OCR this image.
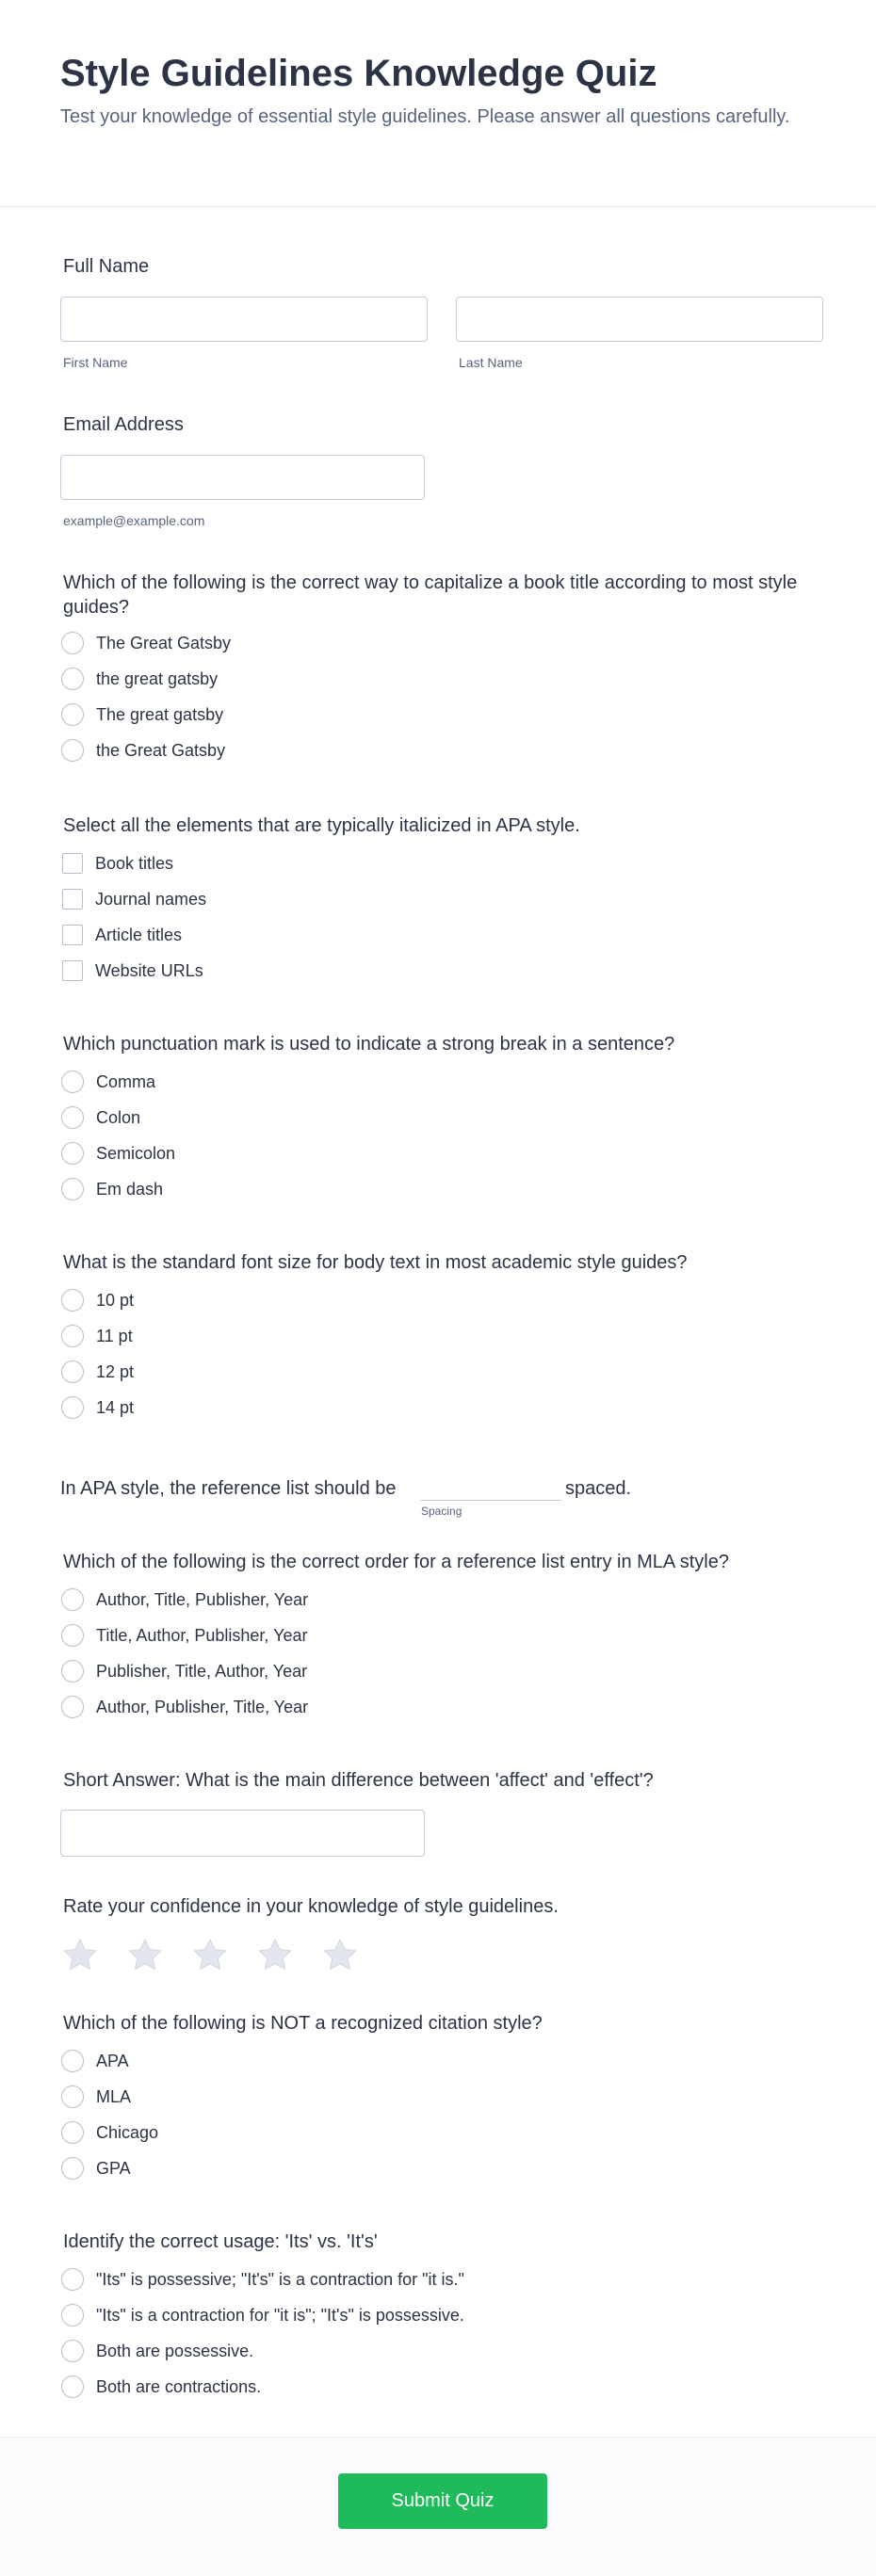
Style Guidelines Knowledge Quiz
Test your knowledge of essential style guidelines. Please answer all questions carefully.
Full Name
First Name	Last Name
Email Address
example@example.com
Which of the following is the correct way to capitalize a book title according to most style guides?
The Great Gatsby
the great gatsby
The great gatsby
the Great Gatsby
Select all the elements that are typically italicized in APA style.
Book titles
Journal names
Article titles
Website URLs
Which punctuation mark is used to indicate a strong break in a sentence?
Comma
Colon
Semicolon
Em dash
What is the standard font size for body text in most academic style guides?
10 pt
11 pt
12 pt
14 pt
In APA style, the reference list should be
Spacing
spaced.
Which of the following is the correct order for a reference list entry in MLA style?
Author, Title, Publisher, Year
Title, Author, Publisher, Year
Publisher, Title, Author, Year
Author, Publisher, Title, Year
Short Answer: What is the main difference between 'affect' and 'effect'?
Rate your confidence in your knowledge of style guidelines.
Which of the following is NOT a recognized citation style?
APA
MLA
Chicago
GPA
Identify the correct usage: 'Its' vs. 'It's'
"Its" is possessive; "It's" is a contraction for "it is."
"Its" is a contraction for "it is"; "It's" is possessive.
Both are possessive.
Both are contractions.
Submit Quiz
